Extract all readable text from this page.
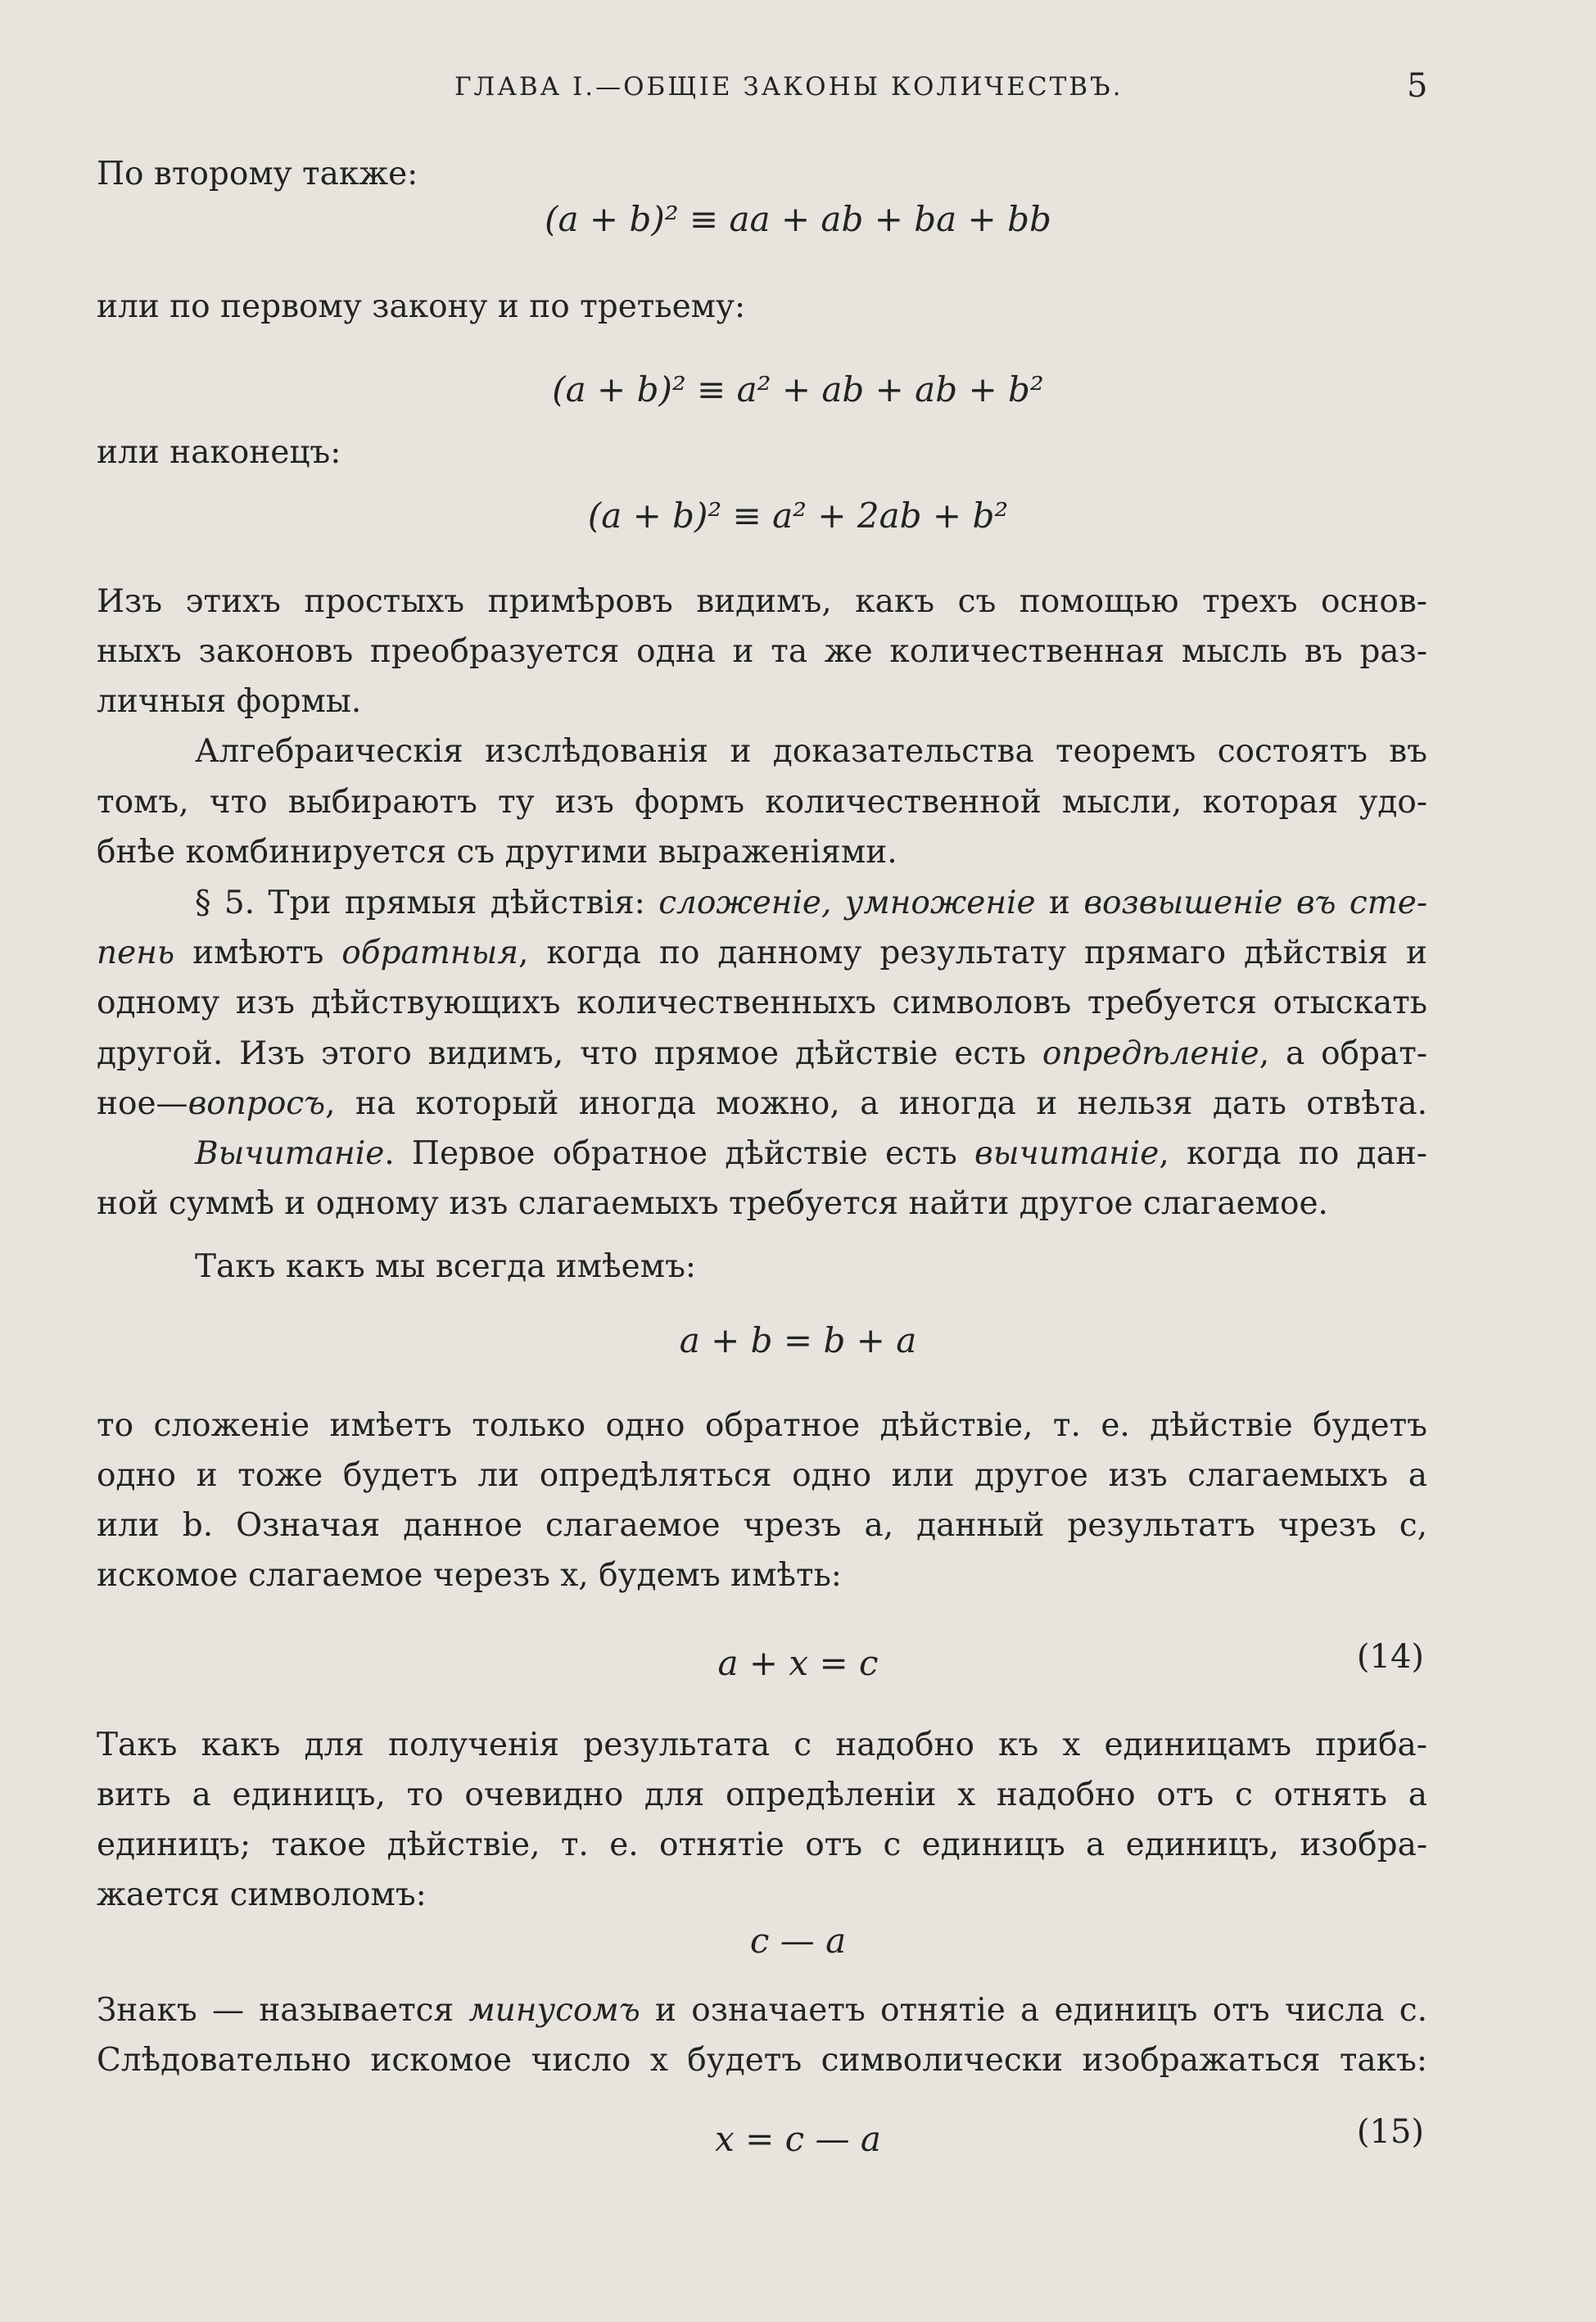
ГЛАВА I.—ОБЩІЕ ЗАКОНЫ КОЛИЧЕСТВЪ.	5
По второму также:
(a + b)² ≡ aa + ab + ba + bb
или по первому закону и по третьему:
(a + b)² ≡ a² + ab + ab + b²
или наконецъ:
(a + b)² ≡ a² + 2ab + b²
Изъ этихъ простыхъ примѣровъ видимъ, какъ съ помощью трехъ основ-
ныхъ законовъ преобразуется одна и та же количественная мысль въ раз-
личныя формы.
Алгебраическія изслѣдованія и доказательства теоремъ состоятъ въ
томъ, что выбираютъ ту изъ формъ количественной мысли, которая удо-
бнѣе комбинируется съ другими выраженіями.
§ 5. Три прямыя дѣйствія: сложеніе, умноженіе и возвышеніе въ сте-
пень имѣютъ обратныя, когда по данному результату прямаго дѣйствія и
одному изъ дѣйствующихъ количественныхъ символовъ требуется отыскать
другой. Изъ этого видимъ, что прямое дѣйствіе есть опредѣленіе, а обрат-
ное—вопросъ, на который иногда можно, а иногда и нельзя дать отвѣта.
Вычитаніе. Первое обратное дѣйствіе есть вычитаніе, когда по дан-
ной суммѣ и одному изъ слагаемыхъ требуется найти другое слагаемое.
Такъ какъ мы всегда имѣемъ:
a + b = b + a
то сложеніе имѣетъ только одно обратное дѣйствіе, т. е. дѣйствіе будетъ
одно и тоже будетъ ли опредѣляться одно или другое изъ слагаемыхъ a
или b. Означая данное слагаемое чрезъ a, данный результатъ чрезъ c,
искомое слагаемое черезъ x, будемъ имѣть:
a + x = c	(14)
Такъ какъ для полученія результата c надобно къ x единицамъ приба-
вить a единицъ, то очевидно для опредѣленіи x надобно отъ c отнять a
единицъ; такое дѣйствіе, т. е. отнятіе отъ c единицъ a единицъ, изобра-
жается символомъ:
c — a
Знакъ — называется минусомъ и означаетъ отнятіе a единицъ отъ числа c.
Слѣдовательно искомое число x будетъ символически изображаться такъ:
x = c — a	(15)
